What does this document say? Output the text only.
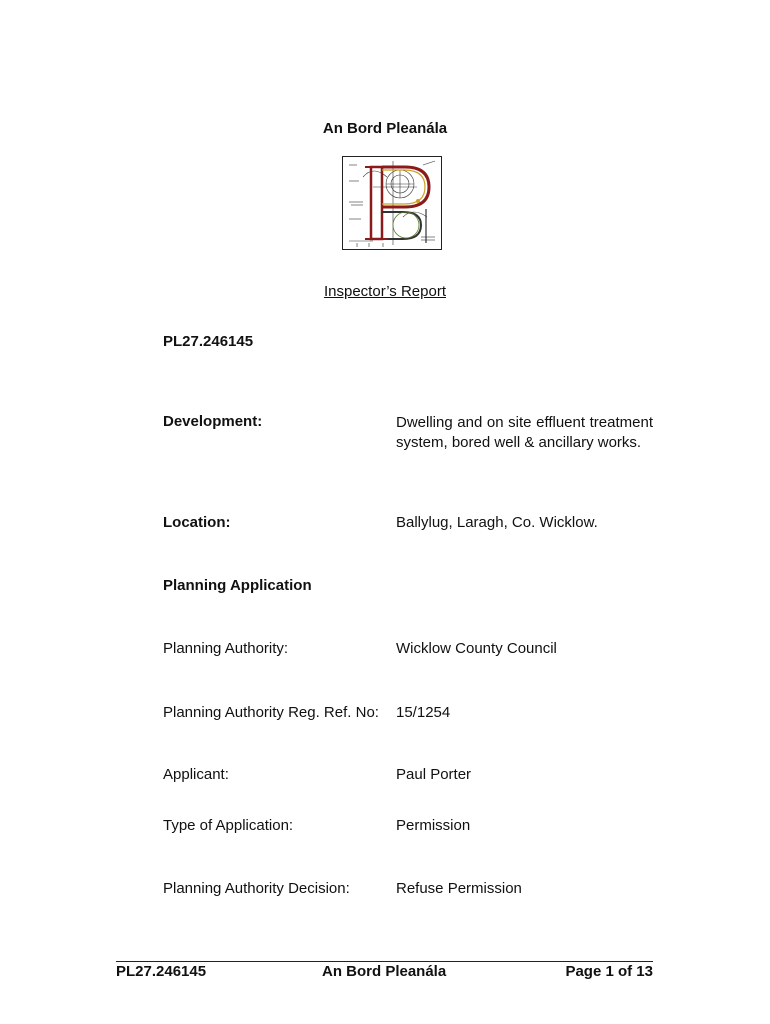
An Bord Pleanála
Inspector’s Report
PL27.246145
Development:	Dwelling and on site effluent treatment system, bored well & ancillary works.
Location:	Ballylug, Laragh, Co. Wicklow.
Planning Application
Planning Authority:	Wicklow County Council
Planning Authority Reg. Ref. No: 15/1254
Applicant:	Paul Porter
Type of Application:	Permission
Planning Authority Decision:	Refuse Permission
PL27.246145	An Bord Pleanála	Page 1 of 13
